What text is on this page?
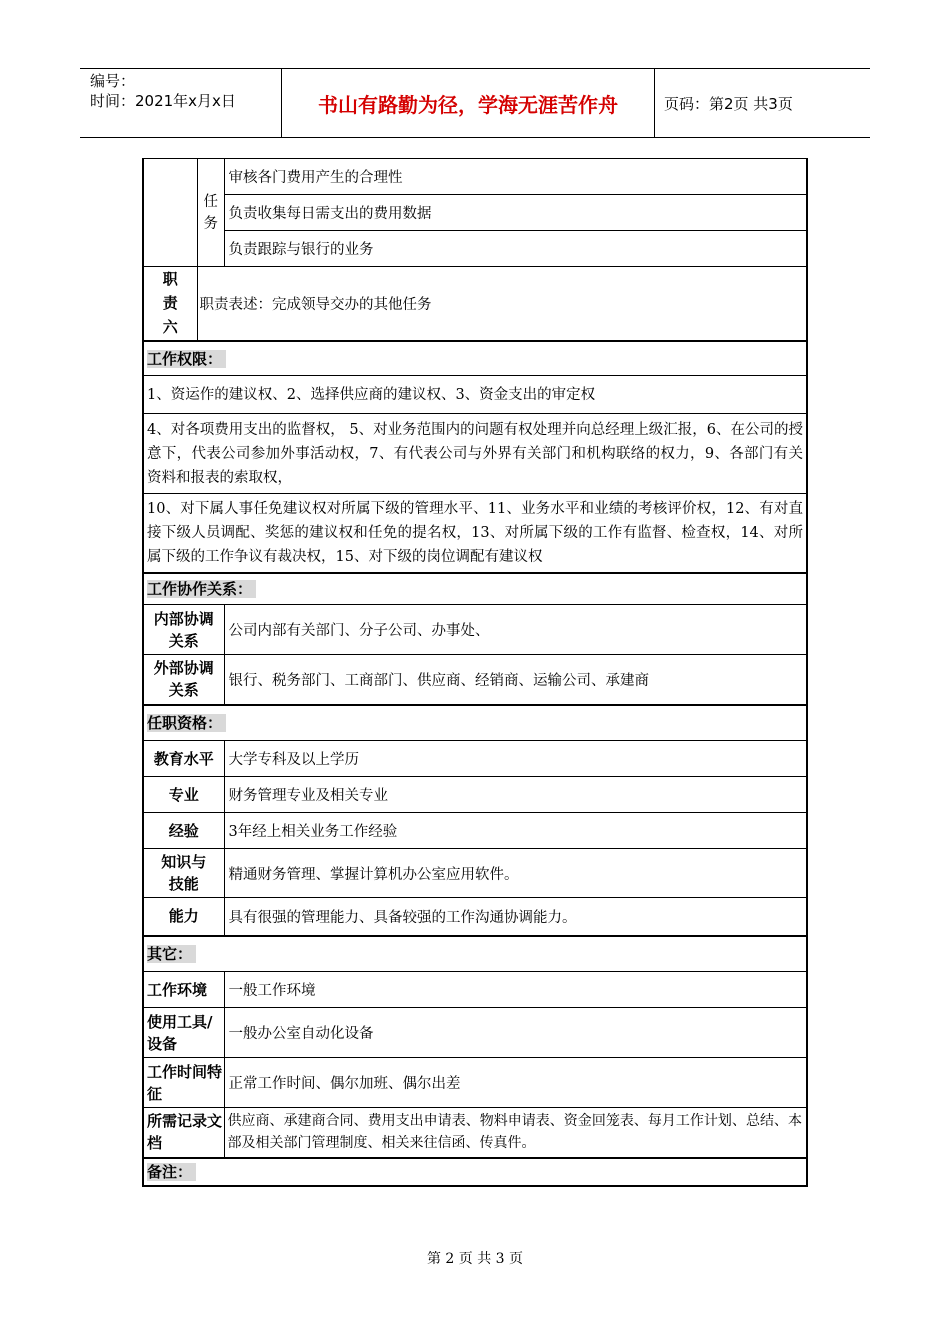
编号：
时间：2021年x月x日	书山有路勤为径，学海无涯苦作舟	页码：第2页 共3页

	任务	审核各门费用产生的合理性
		负责收集每日需支出的费用数据
		负责跟踪与银行的业务

职责六	职责表述：完成领导交办的其他任务	
工作权限：		
1、资运作的建议权、2、选择供应商的建议权、3、资金支出的审定权		
4、对各项费用支出的监督权， 5、对业务范围内的问题有权处理并向总经理上级汇报，6、在公司的授意下，代表公司参加外事活动权，7、有代表公司与外界有关部门和机构联络的权力，9、各部门有关资料和报表的索取权，		
10、对下属人事任免建议权对所属下级的管理水平、11、业务水平和业绩的考核评价权，12、有对直接下级人员调配、奖惩的建议权和任免的提名权，13、对所属下级的工作有监督、检查权，14、对所属下级的工作争议有裁决权，15、对下级的岗位调配有建议权		
工作协作关系：		
内部协调关系		公司内部有关部门、分子公司、办事处、
外部协调关系		银行、税务部门、工商部门、供应商、经销商、运输公司、承建商
任职资格：		
教育水平		大学专科及以上学历
专业		财务管理专业及相关专业
经验		3年经上相关业务工作经验

知识与技能		精通财务管理、掌握计算机办公室应用软件。
能力		具有很强的管理能力、具备较强的工作沟通协调能力。
其它：		
工作环境		一般工作环境

使用工具/设备		一般办公室自动化设备

工作时间特征		正常工作时间、偶尔加班、偶尔出差

所需记录文档		供应商、承建商合同、费用支出申请表、物料申请表、资金回笼表、每月工作计划、总结、本部及相关部门管理制度、相关来往信函、传真件。
备注：		
第 2 页 共 3 页
